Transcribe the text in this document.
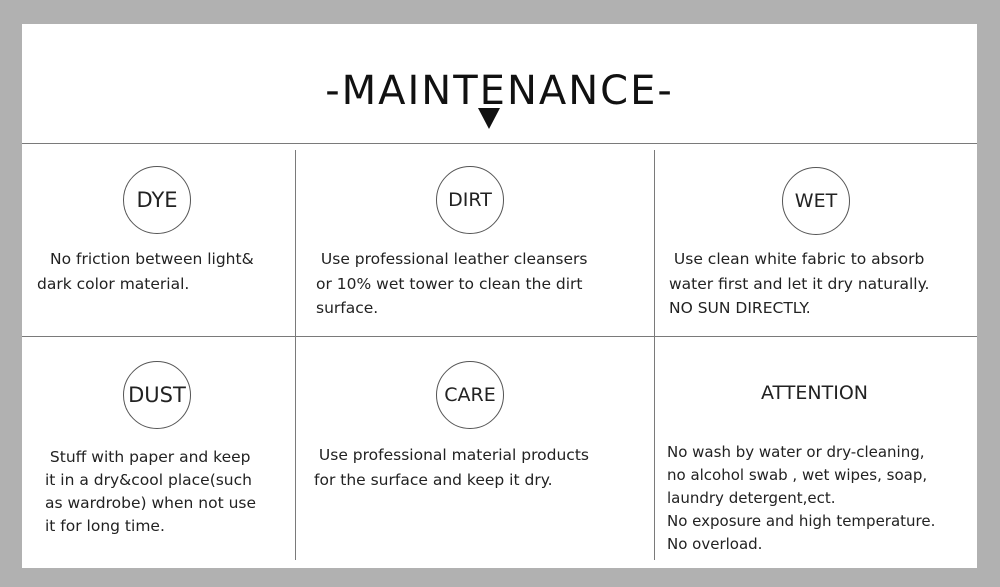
-MAINTENANCE-
DYE
No friction between light&
dark color material.
DIRT
Use professional leather cleansers
or 10% wet tower to clean the dirt
surface.
WET
Use clean white fabric to absorb
water first and let it dry naturally.
NO SUN DIRECTLY.
DUST
Stuff with paper and keep
it in a dry&cool place(such
as wardrobe) when not use
it for long time.
CARE
Use professional material products
for the surface and keep it dry.
ATTENTION
No wash by water or dry-cleaning,
no alcohol swab , wet wipes, soap,
laundry detergent,ect.
No exposure and high temperature.
No overload.
